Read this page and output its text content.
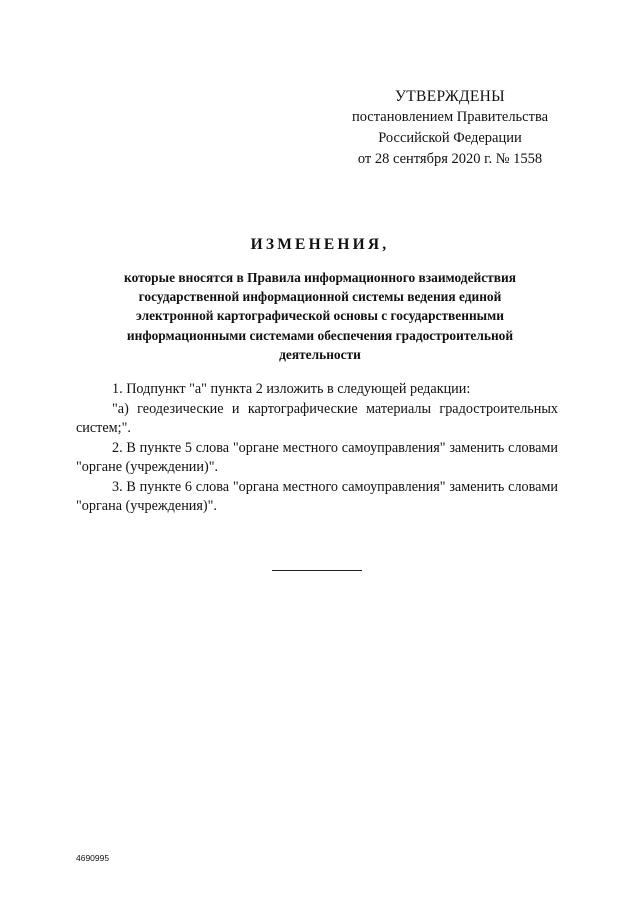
УТВЕРЖДЕНЫ
постановлением Правительства
Российской Федерации
от 28 сентября 2020 г. № 1558
ИЗМЕНЕНИЯ,
которые вносятся в Правила информационного взаимодействия
государственной информационной системы ведения единой
электронной картографической основы с государственными
информационными системами обеспечения градостроительной
деятельности

1. Подпункт "а" пункта 2 изложить в следующей редакции:

"а) геодезические и картографические материалы градостроительных систем;".

2. В пункте 5 слова "органе местного самоуправления" заменить словами "органе (учреждении)".

3. В пункте 6 слова "органа местного самоуправления" заменить словами "органа (учреждения)".

4690995
